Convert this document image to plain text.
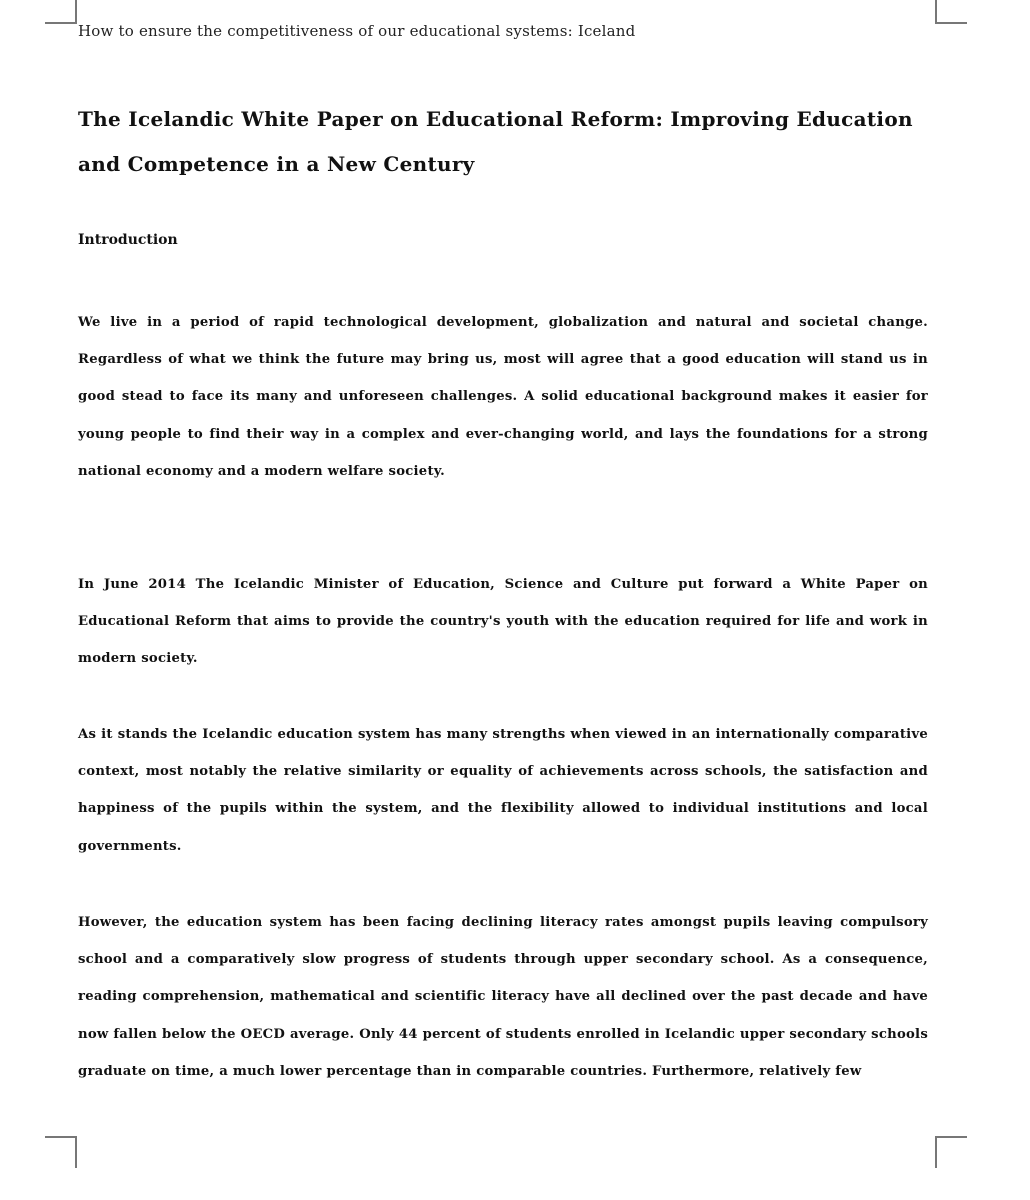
How to ensure the competitiveness of our educational systems: Iceland
The Icelandic White Paper on Educational Reform: Improving Education and Competence in a New Century
Introduction

We live in a period of rapid technological development, globalization and natural and societal change. Regardless of what we think the future may bring us, most will agree that a good education will stand us in good stead to face its many and unforeseen challenges. A solid educational background makes it easier for young people to find their way in a complex and ever-changing world, and lays the foundations for a strong national economy and a modern welfare society.

In June 2014 The Icelandic Minister of Education, Science and Culture put forward a White Paper on Educational Reform that aims to provide the country's youth with the education required for life and work in modern society.

As it stands the Icelandic education system has many strengths when viewed in an internationally comparative context, most notably the relative similarity or equality of achievements across schools, the satisfaction and happiness of the pupils within the system, and the flexibility allowed to individual institutions and local governments.

However, the education system has been facing declining literacy rates amongst pupils leaving compulsory school and a comparatively slow progress of students through upper secondary school. As a consequence, reading comprehension, mathematical and scientific literacy have all declined over the past decade and have now fallen below the OECD average. Only 44 percent of students enrolled in Icelandic upper secondary schools graduate on time, a much lower percentage than in comparable countries. Furthermore, relatively few
